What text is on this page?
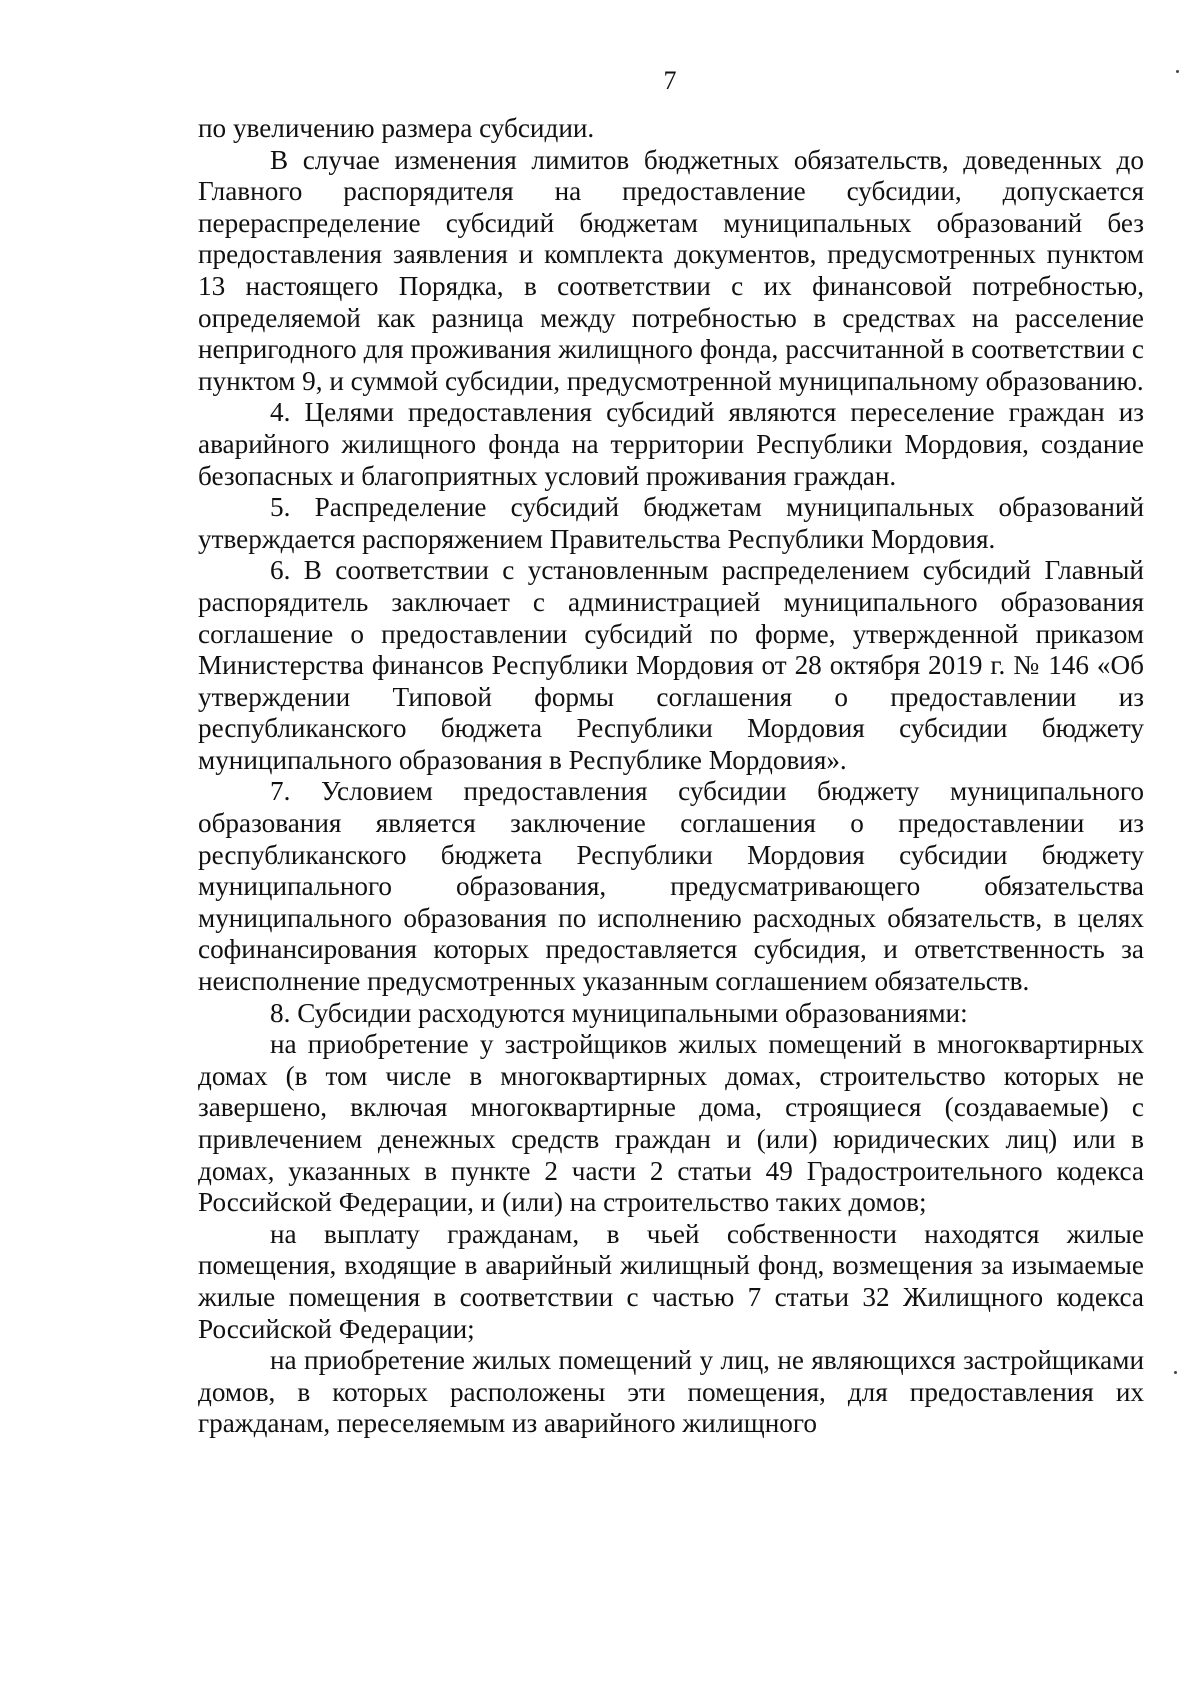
7

по увеличению размера субсидии.

В случае изменения лимитов бюджетных обязательств, доведенных до Главного распорядителя на предоставление субсидии, допускается перераспределение субсидий бюджетам муниципальных образований без предоставления заявления и комплекта документов, предусмотренных пунктом 13 настоящего Порядка, в соответствии с их финансовой потребностью, определяемой как разница между потребностью в средствах на расселение непригодного для проживания жилищного фонда, рассчитанной в соответствии с пунктом 9, и суммой субсидии, предусмотренной муниципальному образованию.

4. Целями предоставления субсидий являются переселение граждан из аварийного жилищного фонда на территории Республики Мордовия, создание безопасных и благоприятных условий проживания граждан.

5. Распределение субсидий бюджетам муниципальных образований утверждается распоряжением Правительства Республики Мордовия.

6. В соответствии с установленным распределением субсидий Главный распорядитель заключает с администрацией муниципального образования соглашение о предоставлении субсидий по форме, утвержденной приказом Министерства финансов Республики Мордовия от 28 октября 2019 г. № 146 «Об утверждении Типовой формы соглашения о предоставлении из республиканского бюджета Республики Мордовия субсидии бюджету муниципального образования в Республике Мордовия».

7. Условием предоставления субсидии бюджету муниципального образования является заключение соглашения о предоставлении из республиканского бюджета Республики Мордовия субсидии бюджету муниципального образования, предусматривающего обязательства муниципального образования по исполнению расходных обязательств, в целях софинансирования которых предоставляется субсидия, и ответственность за неисполнение предусмотренных указанным соглашением обязательств.

8. Субсидии расходуются муниципальными образованиями:

на приобретение у застройщиков жилых помещений в многоквартирных домах (в том числе в многоквартирных домах, строительство которых не завершено, включая многоквартирные дома, строящиеся (создаваемые) с привлечением денежных средств граждан и (или) юридических лиц) или в домах, указанных в пункте 2 части 2 статьи 49 Градостроительного кодекса Российской Федерации, и (или) на строительство таких домов;

на выплату гражданам, в чьей собственности находятся жилые помещения, входящие в аварийный жилищный фонд, возмещения за изымаемые жилые помещения в соответствии с частью 7 статьи 32 Жилищного кодекса Российской Федерации;

на приобретение жилых помещений у лиц, не являющихся застройщиками домов, в которых расположены эти помещения, для предоставления их гражданам, переселяемым из аварийного жилищного
